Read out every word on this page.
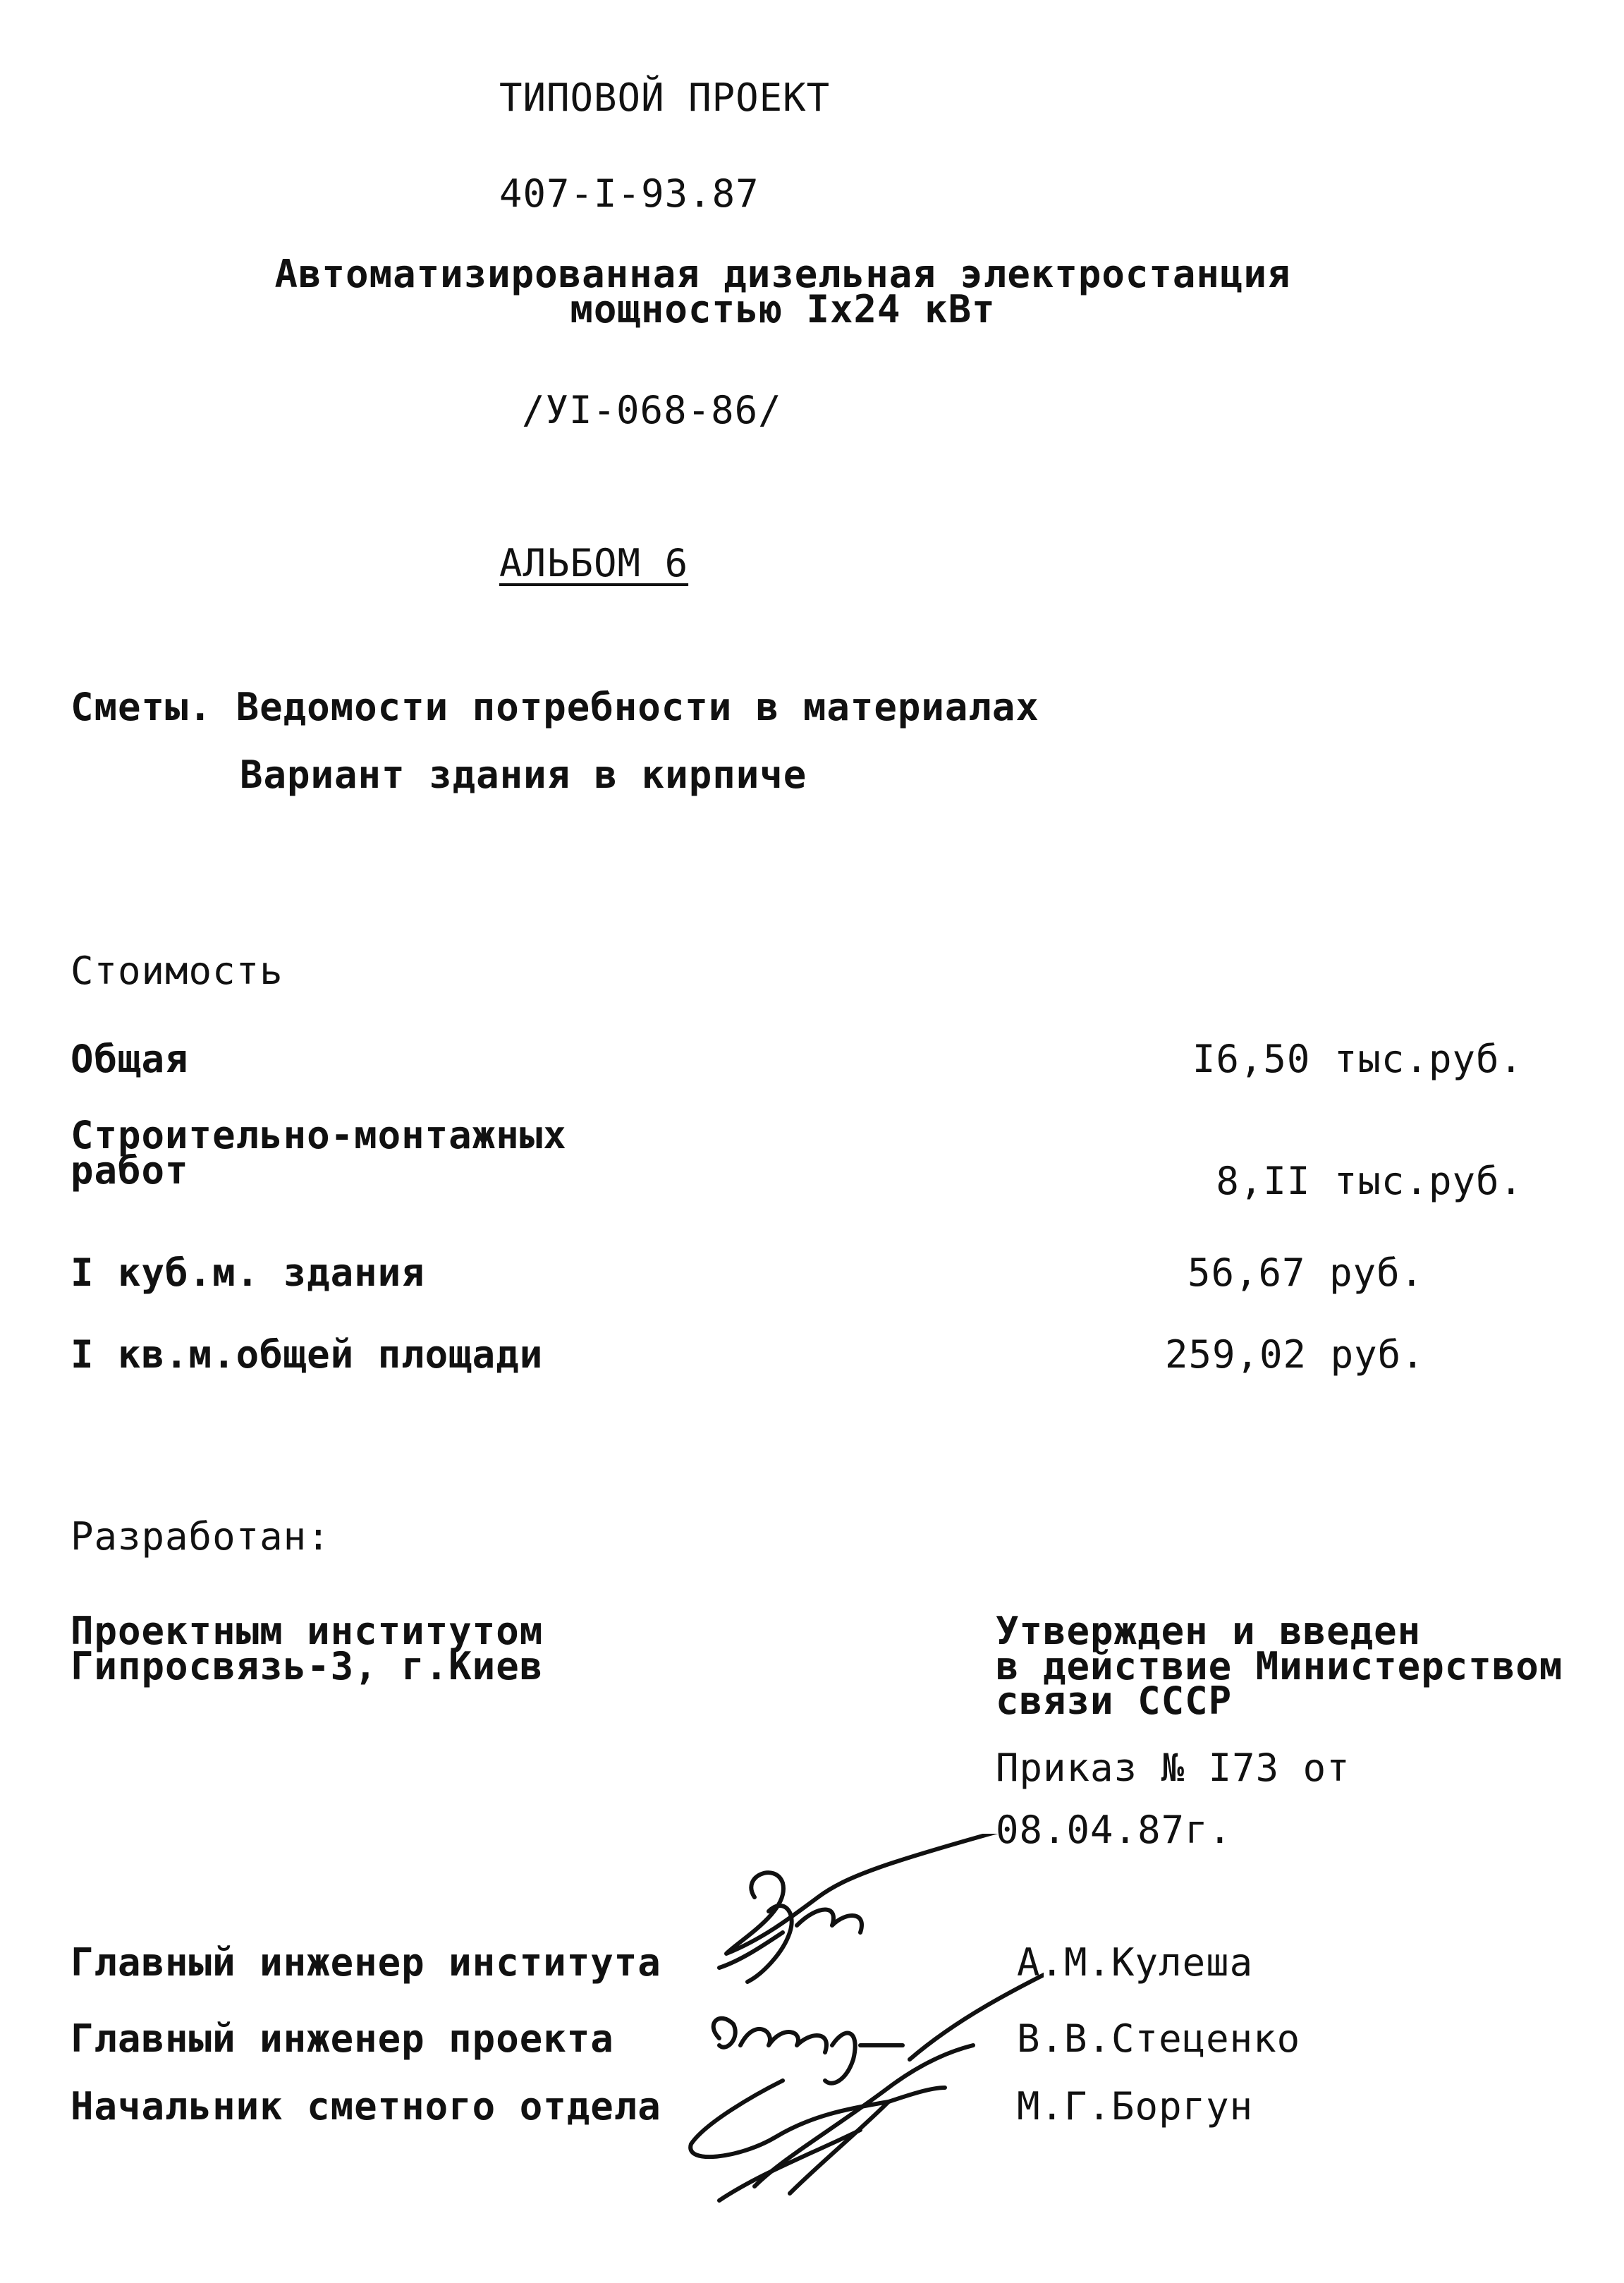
ТИПОВОЙ ПРОЕКТ
407-I-93.87
Автоматизированная дизельная электростанция
мощностью Iх24 кВт
/УI-068-86/
АЛЬБОМ 6
Сметы. Ведомости потребности в материалах
Вариант здания в кирпиче
Стоимость
Общая	I6,50 тыс.руб.
Строительно-монтажных
работ	8,II тыс.руб.
I куб.м. здания	56,67 руб.
I кв.м.общей площади	259,02 руб.
Разработан:
Проектным институтом
Гипросвязь-3, г.Киев
Утвержден и введен
в действие Министерством
связи СССР
Приказ № I73 от
08.04.87г.
Главный инженер института	А.М.Кулеша
Главный инженер проекта	В.В.Стеценко
Начальник сметного отдела	М.Г.Боргун
